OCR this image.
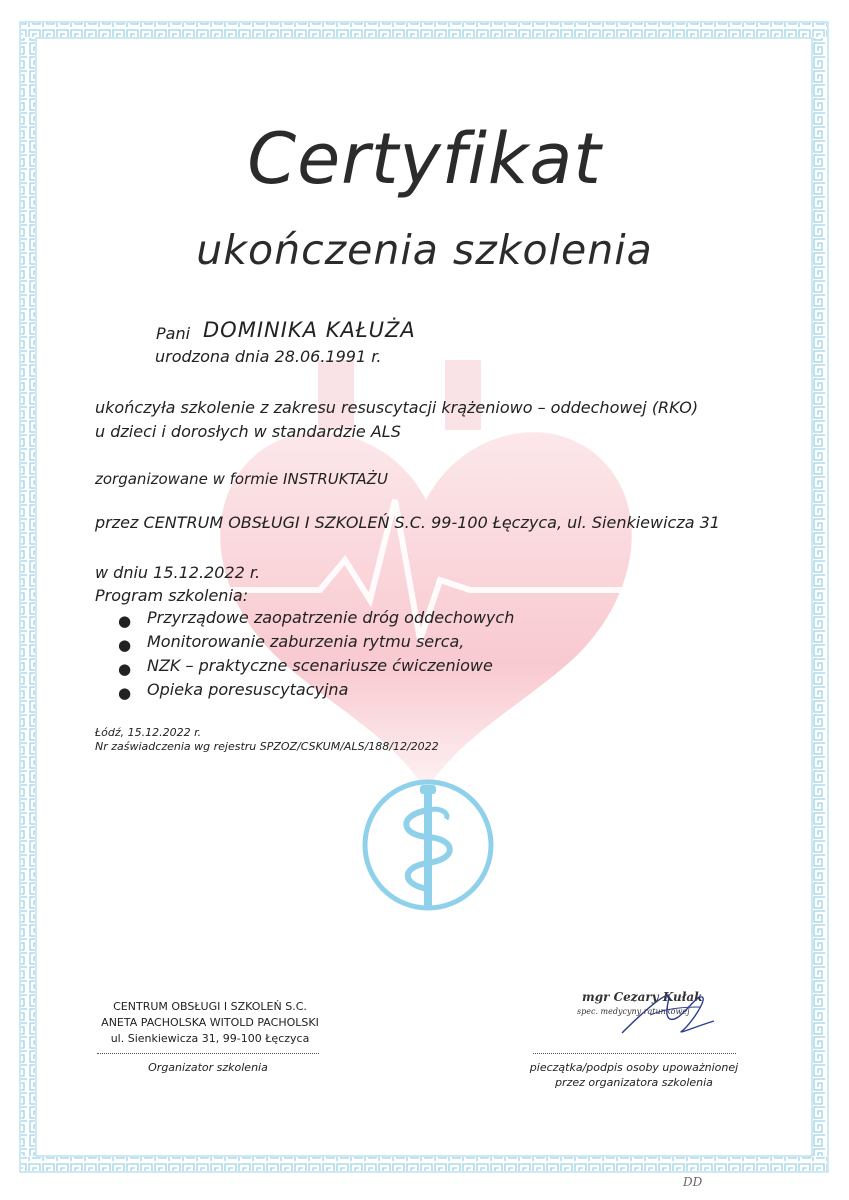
Certyfikat
ukończenia szkolenia
Pani DOMINIKA KAŁUŻA
urodzona dnia 28.06.1991 r.
ukończyła szkolenie z zakresu resuscytacji krążeniowo – oddechowej (RKO)
u dzieci i dorosłych w standardzie ALS
zorganizowane w formie INSTRUKTAŻU
przez CENTRUM OBSŁUGI I SZKOLEŃ S.C. 99-100 Łęczyca, ul. Sienkiewicza 31
w dniu 15.12.2022 r.
Program szkolenia:
● Przyrządowe zaopatrzenie dróg oddechowych
● Monitorowanie zaburzenia rytmu serca,
● NZK – praktyczne scenariusze ćwiczeniowe
● Opieka poresuscytacyjna
Łódź, 15.12.2022 r.
Nr zaświadczenia wg rejestru SPZOZ/CSKUM/ALS/188/12/2022
CENTRUM OBSŁUGI I SZKOLEŃ S.C.
ANETA PACHOLSKA WITOLD PACHOLSKI
ul. Sienkiewicza 31, 99-100 Łęczyca
Organizator szkolenia
mgr Cezary Kułak
spec. medycyny ratunkowej
pieczątka/podpis osoby upoważnionej
przez organizatora szkolenia
DD
